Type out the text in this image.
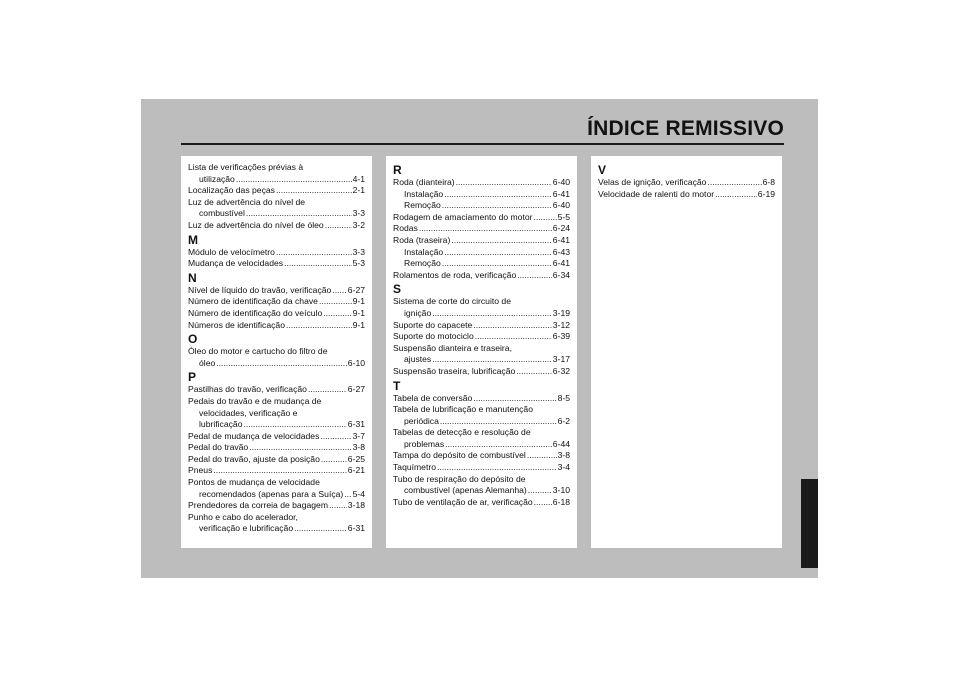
ÍNDICE REMISSIVO
Lista de verificações prévias à
utilização .....	4-1
Localização das peças .....	2-1
Luz de advertência do nível de
combustível .....	3-3
Luz de advertência do nível de óleo .....	3-2
M
Módulo de velocímetro .....	3-3
Mudança de velocidades .....	5-3
N
Nível de líquido do travão, verificação ..... 6-27
Número de identificação da chave .....	9-1
Número de identificação do veículo .....	9-1
Números de identificação .....	9-1
O
Óleo do motor e cartucho do filtro de
óleo .....	6-10
P
Pastilhas do travão, verificação .....	6-27
Pedais do travão e de mudança de
velocidades, verificação e
lubrificação .....	6-31
Pedal de mudança de velocidades .....	3-7
Pedal do travão .....	3-8
Pedal do travão, ajuste da posição .....	6-25
Pneus .....	6-21
Pontos de mudança de velocidade
recomendados (apenas para a Suíça) ..... 5-4
Prendedores da correia de bagagem ..... 3-18
Punho e cabo do acelerador,
verificação e lubrificação .....	6-31
R
Roda (dianteira) .....	6-40
Instalação .....	6-41
Remoção .....	6-40
Rodagem de amaciamento do motor .....	5-5
Rodas .....	6-24
Roda (traseira) .....	6-41
Instalação .....	6-43
Remoção .....	6-41
Rolamentos de roda, verificação .....	6-34
S
Sistema de corte do circuito de
ignição .....	3-19
Suporte do capacete .....	3-12
Suporte do motociclo .....	6-39
Suspensão dianteira e traseira,
ajustes .....	3-17
Suspensão traseira, lubrificação .....	6-32
T
Tabela de conversão .....	8-5
Tabela de lubrificação e manutenção
periódica .....	6-2
Tabelas de detecção e resolução de
problemas .....	6-44
Tampa do depósito de combustível .....	3-8
Taquímetro .....	3-4
Tubo de respiração do depósito de
combustível (apenas Alemanha) .....	3-10
Tubo de ventilação de ar, verificação ..... 6-18
V
Velas de ignição, verificação .....	6-8
Velocidade de ralenti do motor .....	6-19
